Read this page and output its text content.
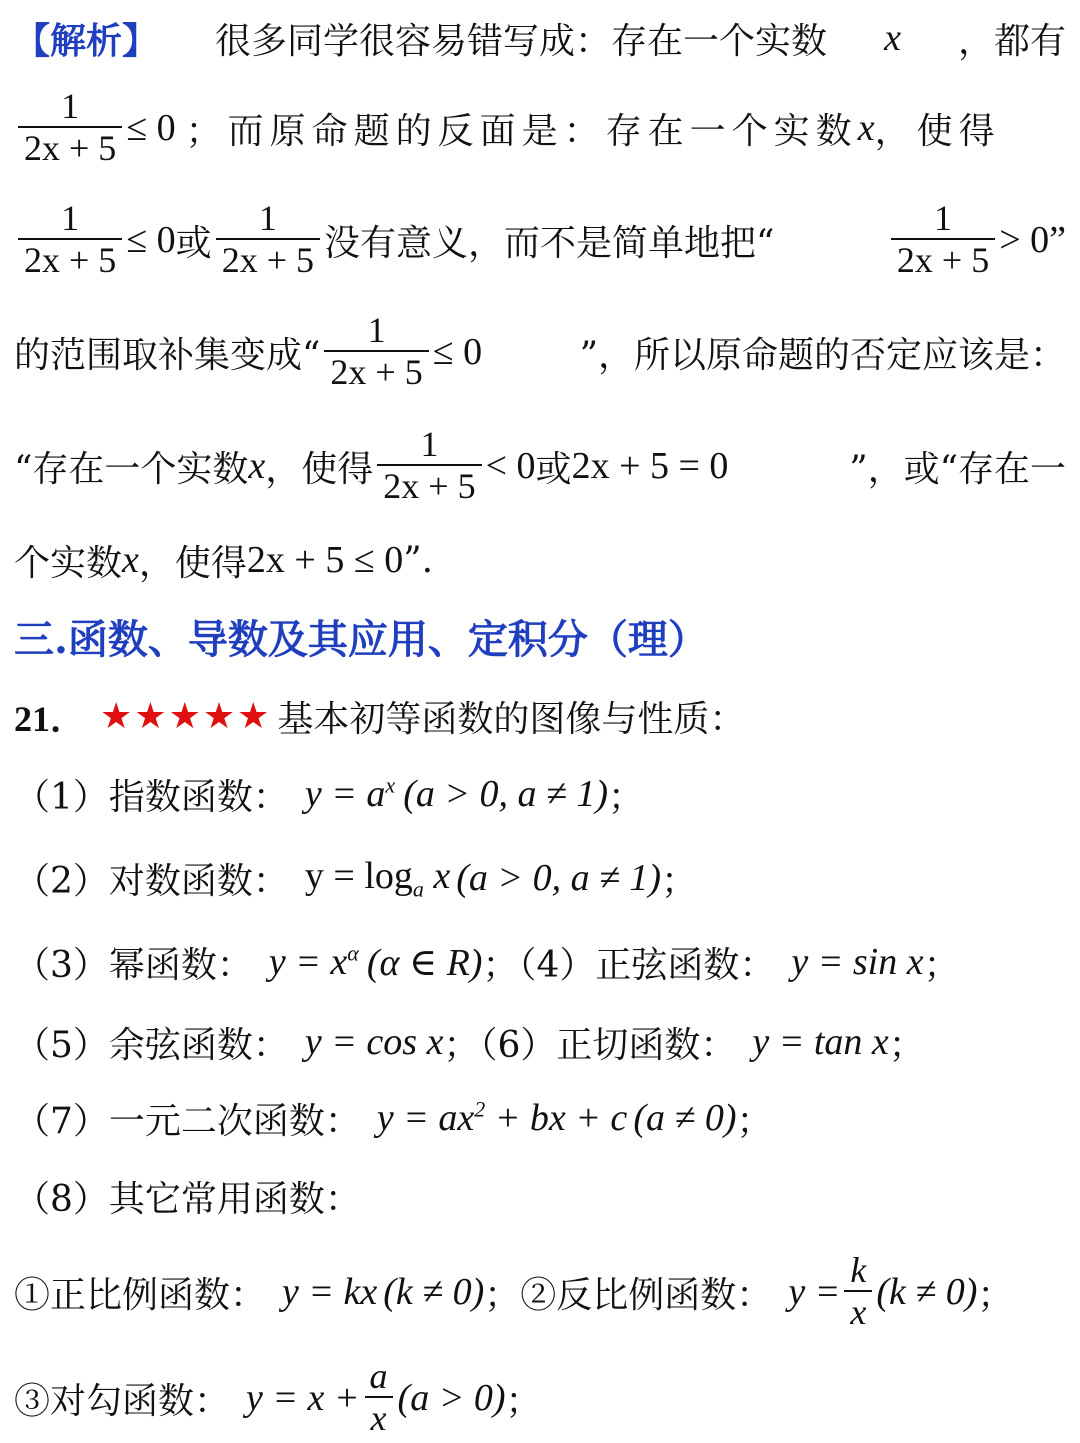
【解析】 很多同学很容易错写成：存在一个实数 x ，都有
$\frac{1}{2x + 5} \le 0$ ；而原命题的反面是：存在一个实数 x ，使得
$\frac{1}{2x + 5} \le 0$ 或 $\frac{1}{2x + 5}$ 没有意义，而不是简单地把“	$\frac{1}{2x + 5} > 0$”
的范围取补集变成“ $\frac{1}{2x + 5} \le 0$	”，所以原命题的否定应该是：
“存在一个实数 x ，使得 $\frac{1}{2x + 5} < 0$ 或 2x + 5 = 0	”，或“存在一
个实数 x ，使得 2x + 5 ≤ 0 ”.
三.函数、导数及其应用、定积分（理）
21． ★★★★★ 基本初等函数的图像与性质：
（1）指数函数： $y = a^x$ (a > 0, a ≠ 1) ；
（2）对数函数： $y = \log_a x$ (a > 0, a ≠ 1) ；
（3）幂函数： $y = x^\alpha$ (α ∈ R) ；（4）正弦函数： y = sin x ；
（5）余弦函数： y = cos x ；（6）正切函数： y = tan x ；
（7）一元二次函数： $y = ax^2$ + bx + c (a ≠ 0) ；
（8）其它常用函数：
①正比例函数： y = kx (k ≠ 0) ；②反比例函数： $y = \frac{k}{x} (k \ne 0)$ ；
③对勾函数： $y = x + \frac{a}{x} (a > 0)$ ；
